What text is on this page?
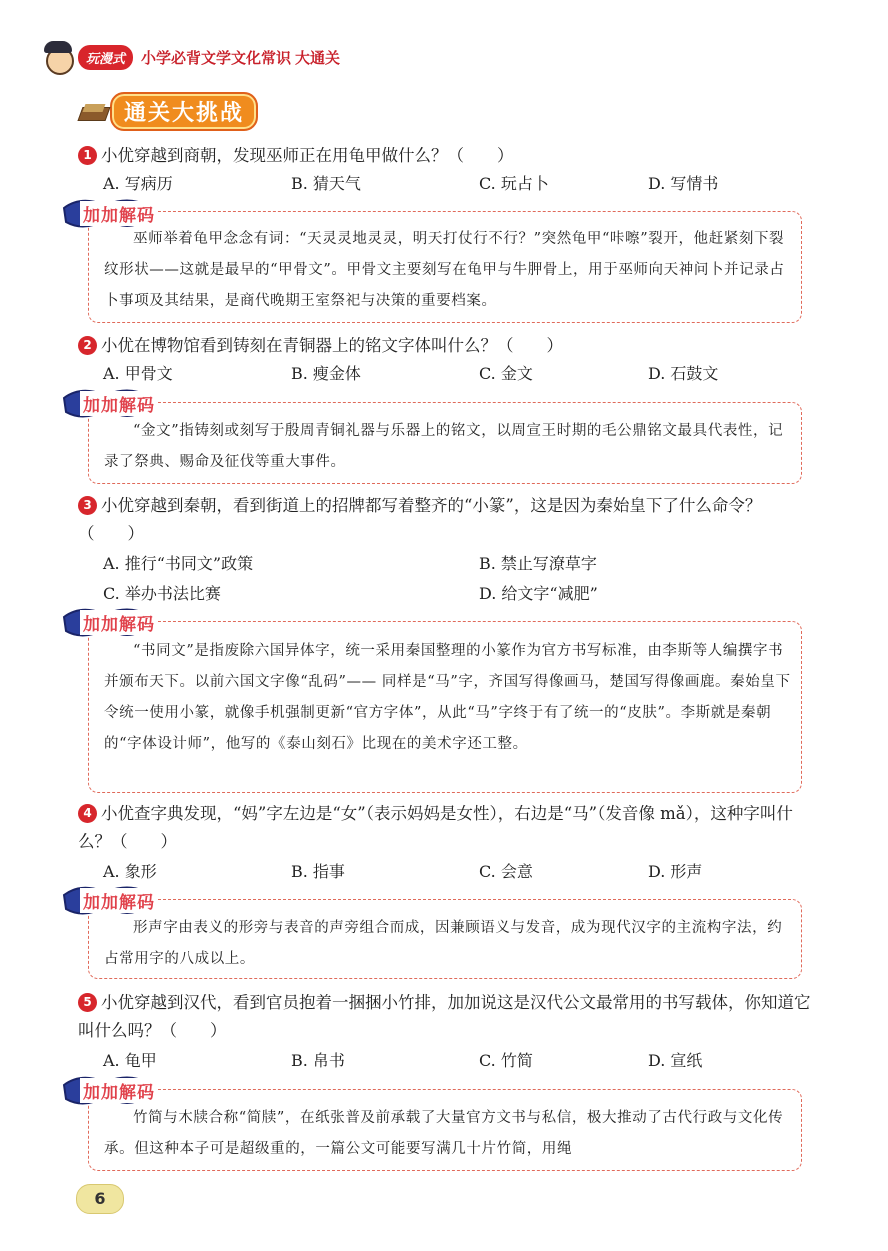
玩漫式	小学必背文学文化常识 大通关
通关大挑战
1 小优穿越到商朝，发现巫师正在用龟甲做什么？（　　）
A. 写病历	B. 猜天气	C. 玩占卜	D. 写情书
加加解码
巫师举着龟甲念念有词：“天灵灵地灵灵，明天打仗行不行？”突然龟甲“咔嚓”裂开，他赶紧刻下裂纹形状——这就是最早的“甲骨文”。甲骨文主要刻写在龟甲与牛胛骨上，用于巫师向天神问卜并记录占卜事项及其结果，是商代晚期王室祭祀与决策的重要档案。
2 小优在博物馆看到铸刻在青铜器上的铭文字体叫什么？（　　）
A. 甲骨文	B. 瘦金体	C. 金文	D. 石鼓文
加加解码
“金文”指铸刻或刻写于殷周青铜礼器与乐器上的铭文，以周宣王时期的毛公鼎铭文最具代表性，记录了祭典、赐命及征伐等重大事件。
3 小优穿越到秦朝，看到街道上的招牌都写着整齐的“小篆”，这是因为秦始皇下了什么命令？（　　）
A. 推行“书同文”政策	B. 禁止写潦草字
C. 举办书法比赛	D. 给文字“减肥”
加加解码
“书同文”是指废除六国异体字，统一采用秦国整理的小篆作为官方书写标准，由李斯等人编撰字书并颁布天下。以前六国文字像“乱码”—— 同样是“马”字，齐国写得像画马，楚国写得像画鹿。秦始皇下令统一使用小篆，就像手机强制更新“官方字体”，从此“马”字终于有了统一的“皮肤”。李斯就是秦朝的“字体设计师”，他写的《泰山刻石》比现在的美术字还工整。
4 小优查字典发现，“妈”字左边是“女”（表示妈妈是女性），右边是“马”（发音像 mǎ），这种字叫什么？（　　）
A. 象形	B. 指事	C. 会意	D. 形声
加加解码
形声字由表义的形旁与表音的声旁组合而成，因兼顾语义与发音，成为现代汉字的主流构字法，约占常用字的八成以上。
5 小优穿越到汉代，看到官员抱着一捆捆小竹排，加加说这是汉代公文最常用的书写载体，你知道它叫什么吗？（　　）
A. 龟甲	B. 帛书	C. 竹简	D. 宣纸
加加解码
竹简与木牍合称“简牍”，在纸张普及前承载了大量官方文书与私信，极大推动了古代行政与文化传承。但这种本子可是超级重的，一篇公文可能要写满几十片竹简，用绳
6
